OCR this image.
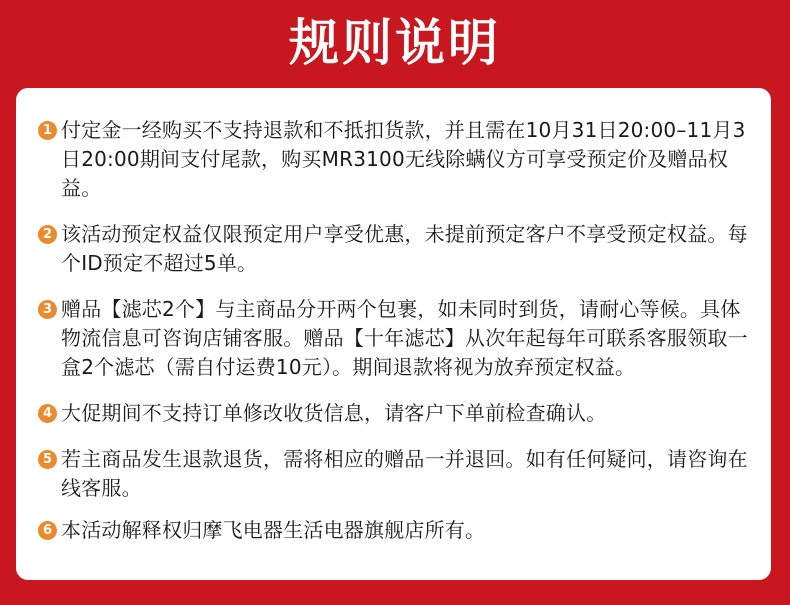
规则说明
1 付定金一经购买不支持退款和不抵扣货款，并且需在10月31日20:00–11月3日20:00期间支付尾款，购买MR3100无线除螨仪方可享受预定价及赠品权益。
2 该活动预定权益仅限预定用户享受优惠，未提前预定客户不享受预定权益。每个ID预定不超过5单。
3 赠品【滤芯2个】与主商品分开两个包裹，如未同时到货，请耐心等候。具体物流信息可咨询店铺客服。赠品【十年滤芯】从次年起每年可联系客服领取一盒2个滤芯（需自付运费10元）。期间退款将视为放弃预定权益。
4 大促期间不支持订单修改收货信息，请客户下单前检查确认。
5 若主商品发生退款退货，需将相应的赠品一并退回。如有任何疑问，请咨询在线客服。
6 本活动解释权归摩飞电器生活电器旗舰店所有。
